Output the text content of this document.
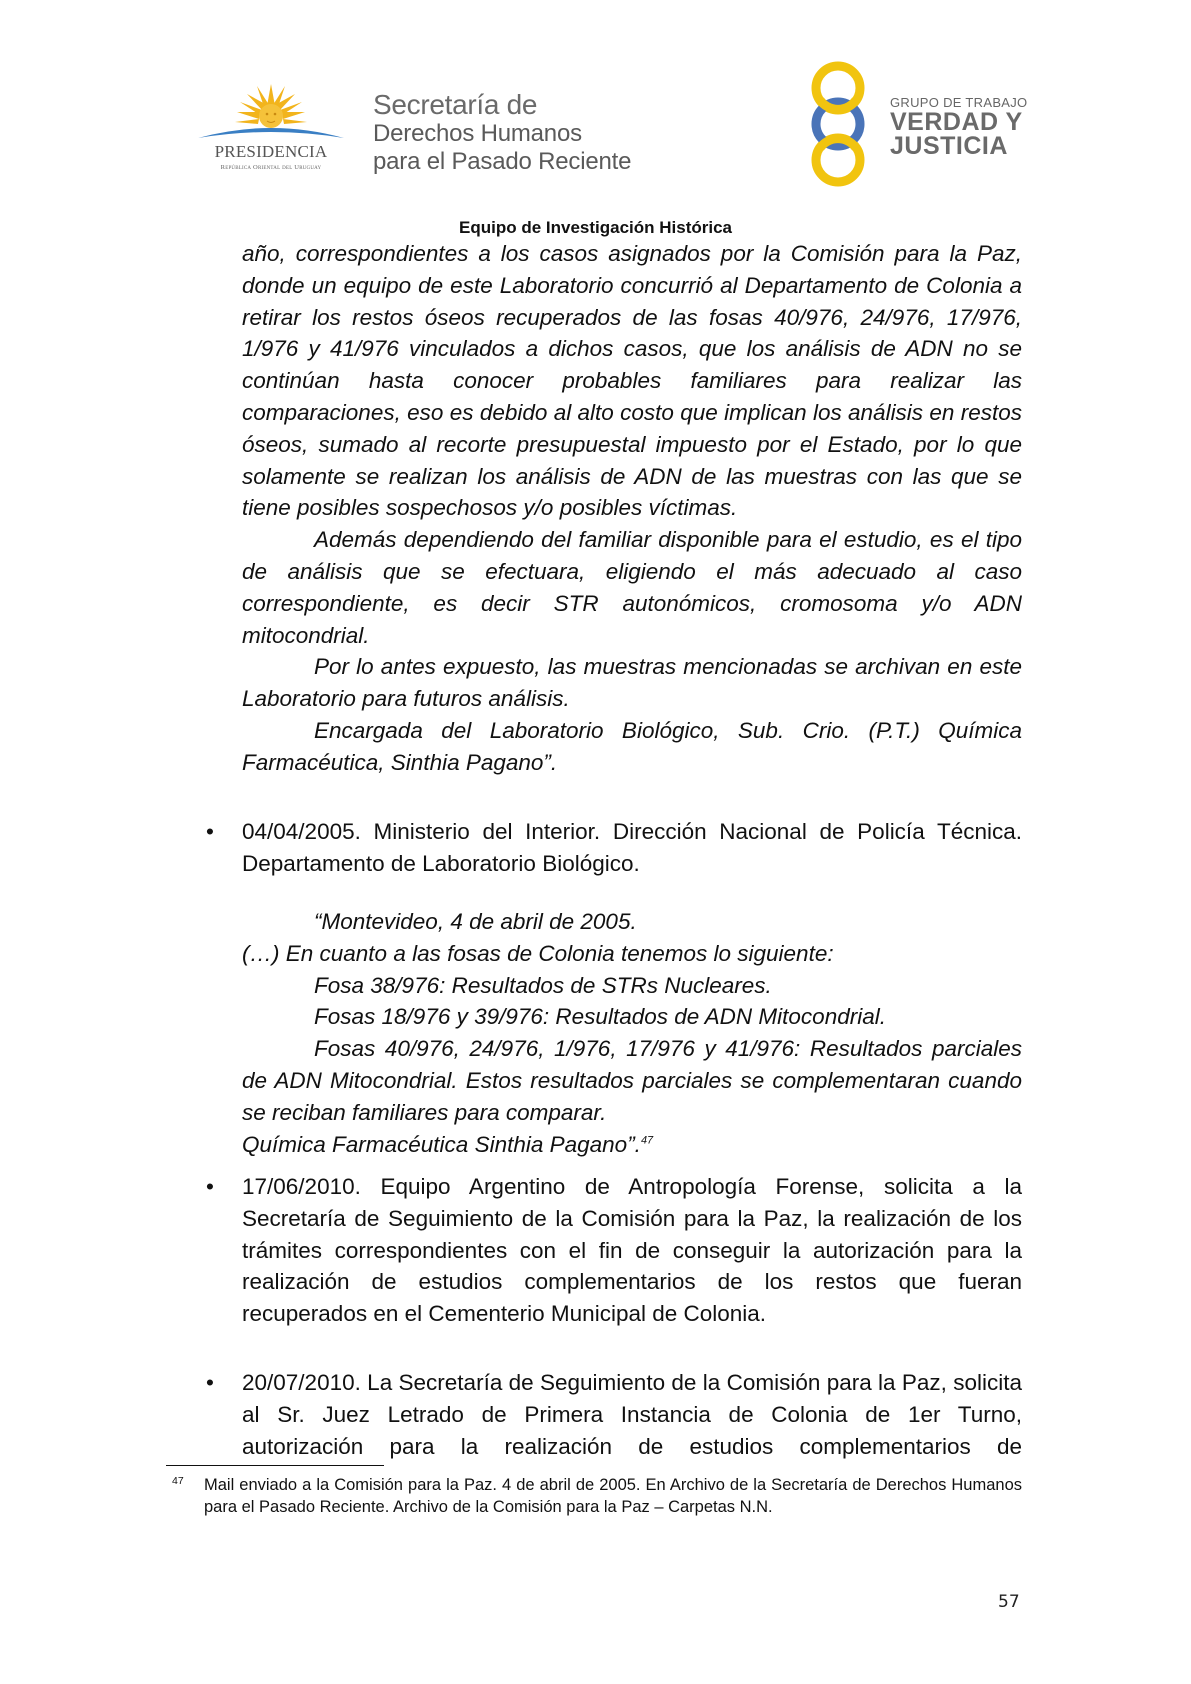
PRESIDENCIA
República Oriental del Uruguay
Secretaría de
Derechos Humanos
para el Pasado Reciente
GRUPO DE TRABAJO
VERDAD Y
JUSTICIA
Equipo de Investigación Histórica

año, correspondientes a los casos asignados por la Comisión para la Paz, donde un equipo de este Laboratorio concurrió al Departamento de Colonia a retirar los restos óseos recuperados de las fosas 40/976, 24/976, 17/976, 1/976 y 41/976 vinculados a dichos casos, que los análisis de ADN no se continúan hasta conocer probables familiares para realizar las comparaciones, eso es debido al alto costo que implican los análisis en restos óseos, sumado al recorte presupuestal impuesto por el Estado, por lo que solamente se realizan los análisis de ADN de las muestras con las que se tiene posibles sospechosos y/o posibles víctimas.

Además dependiendo del familiar disponible para el estudio, es el tipo de análisis que se efectuara, eligiendo el más adecuado al caso correspondiente, es decir STR autonómicos, cromosoma y/o ADN mitocondrial.

Por lo antes expuesto, las muestras mencionadas se archivan en este Laboratorio para futuros análisis.

Encargada del Laboratorio Biológico, Sub. Crio. (P.T.) Química Farmacéutica, Sinthia Pagano”.

• 04/04/2005. Ministerio del Interior. Dirección Nacional de Policía Técnica. Departamento de Laboratorio Biológico.

“Montevideo, 4 de abril de 2005.

(…) En cuanto a las fosas de Colonia tenemos lo siguiente:

Fosa 38/976: Resultados de STRs Nucleares.

Fosas 18/976 y 39/976: Resultados de ADN Mitocondrial.

Fosas 40/976, 24/976, 1/976, 17/976 y 41/976: Resultados parciales de ADN Mitocondrial. Estos resultados parciales se complementaran cuando se reciban familiares para comparar.

Química Farmacéutica Sinthia Pagano”.$^{47}$

• 17/06/2010. Equipo Argentino de Antropología Forense, solicita a la Secretaría de Seguimiento de la Comisión para la Paz, la realización de los trámites correspondientes con el fin de conseguir la autorización para la realización de estudios complementarios de los restos que fueran recuperados en el Cementerio Municipal de Colonia.
• 20/07/2010. La Secretaría de Seguimiento de la Comisión para la Paz, solicita al Sr. Juez Letrado de Primera Instancia de Colonia de 1er Turno, autorización para la realización de estudios complementarios de
47 Mail enviado a la Comisión para la Paz. 4 de abril de 2005. En Archivo de la Secretaría de Derechos Humanos para el Pasado Reciente. Archivo de la Comisión para la Paz – Carpetas N.N.
57
